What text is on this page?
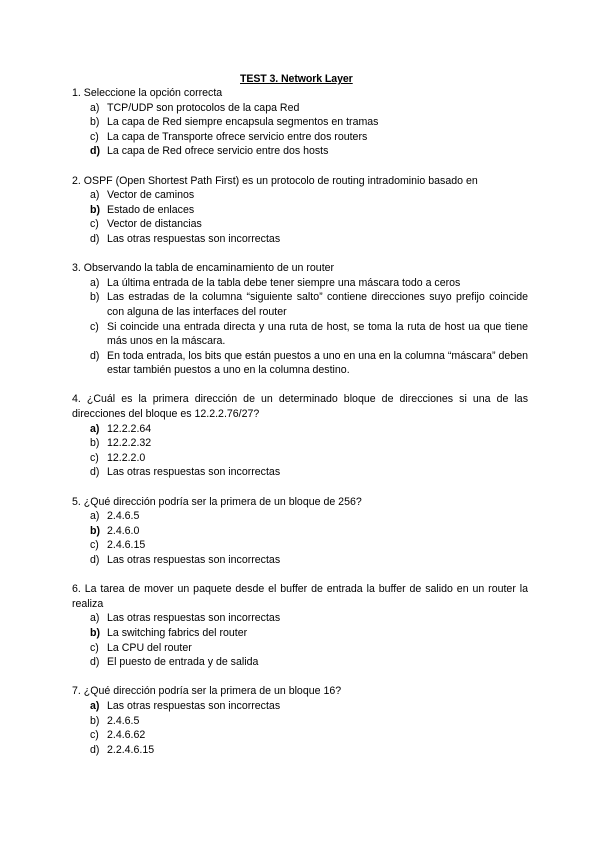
TEST 3. Network Layer
1. Seleccione la opción correcta
a) TCP/UDP son protocolos de la capa Red
b) La capa de Red siempre encapsula segmentos en tramas
c) La capa de Transporte ofrece servicio entre dos routers
d) La capa de Red ofrece servicio entre dos hosts
2. OSPF (Open Shortest Path First) es un protocolo de routing intradominio basado en
a) Vector de caminos
b) Estado de enlaces
c) Vector de distancias
d) Las otras respuestas son incorrectas
3. Observando la tabla de encaminamiento de un router
a) La última entrada de la tabla debe tener siempre una máscara todo a ceros
b) Las estradas de la columna “siguiente salto” contiene direcciones suyo prefijo coincide con alguna de las interfaces del router
c) Si coincide una entrada directa y una ruta de host, se toma la ruta de host ua que tiene más unos en la máscara.
d) En toda entrada, los bits que están puestos a uno en una en la columna “máscara” deben estar también puestos a uno en la columna destino.
4. ¿Cuál es la primera dirección de un determinado bloque de direcciones si una de las direcciones del bloque es 12.2.2.76/27?
a) 12.2.2.64
b) 12.2.2.32
c) 12.2.2.0
d) Las otras respuestas son incorrectas
5. ¿Qué dirección podría ser la primera de un bloque de 256?
a) 2.4.6.5
b) 2.4.6.0
c) 2.4.6.15
d) Las otras respuestas son incorrectas
6. La tarea de mover un paquete desde el buffer de entrada la buffer de salido en un router la realiza
a) Las otras respuestas son incorrectas
b) La switching fabrics del router
c) La CPU del router
d) El puesto de entrada y de salida
7. ¿Qué dirección podría ser la primera de un bloque 16?
a) Las otras respuestas son incorrectas
b) 2.4.6.5
c) 2.4.6.62
d) 2.2.4.6.15
